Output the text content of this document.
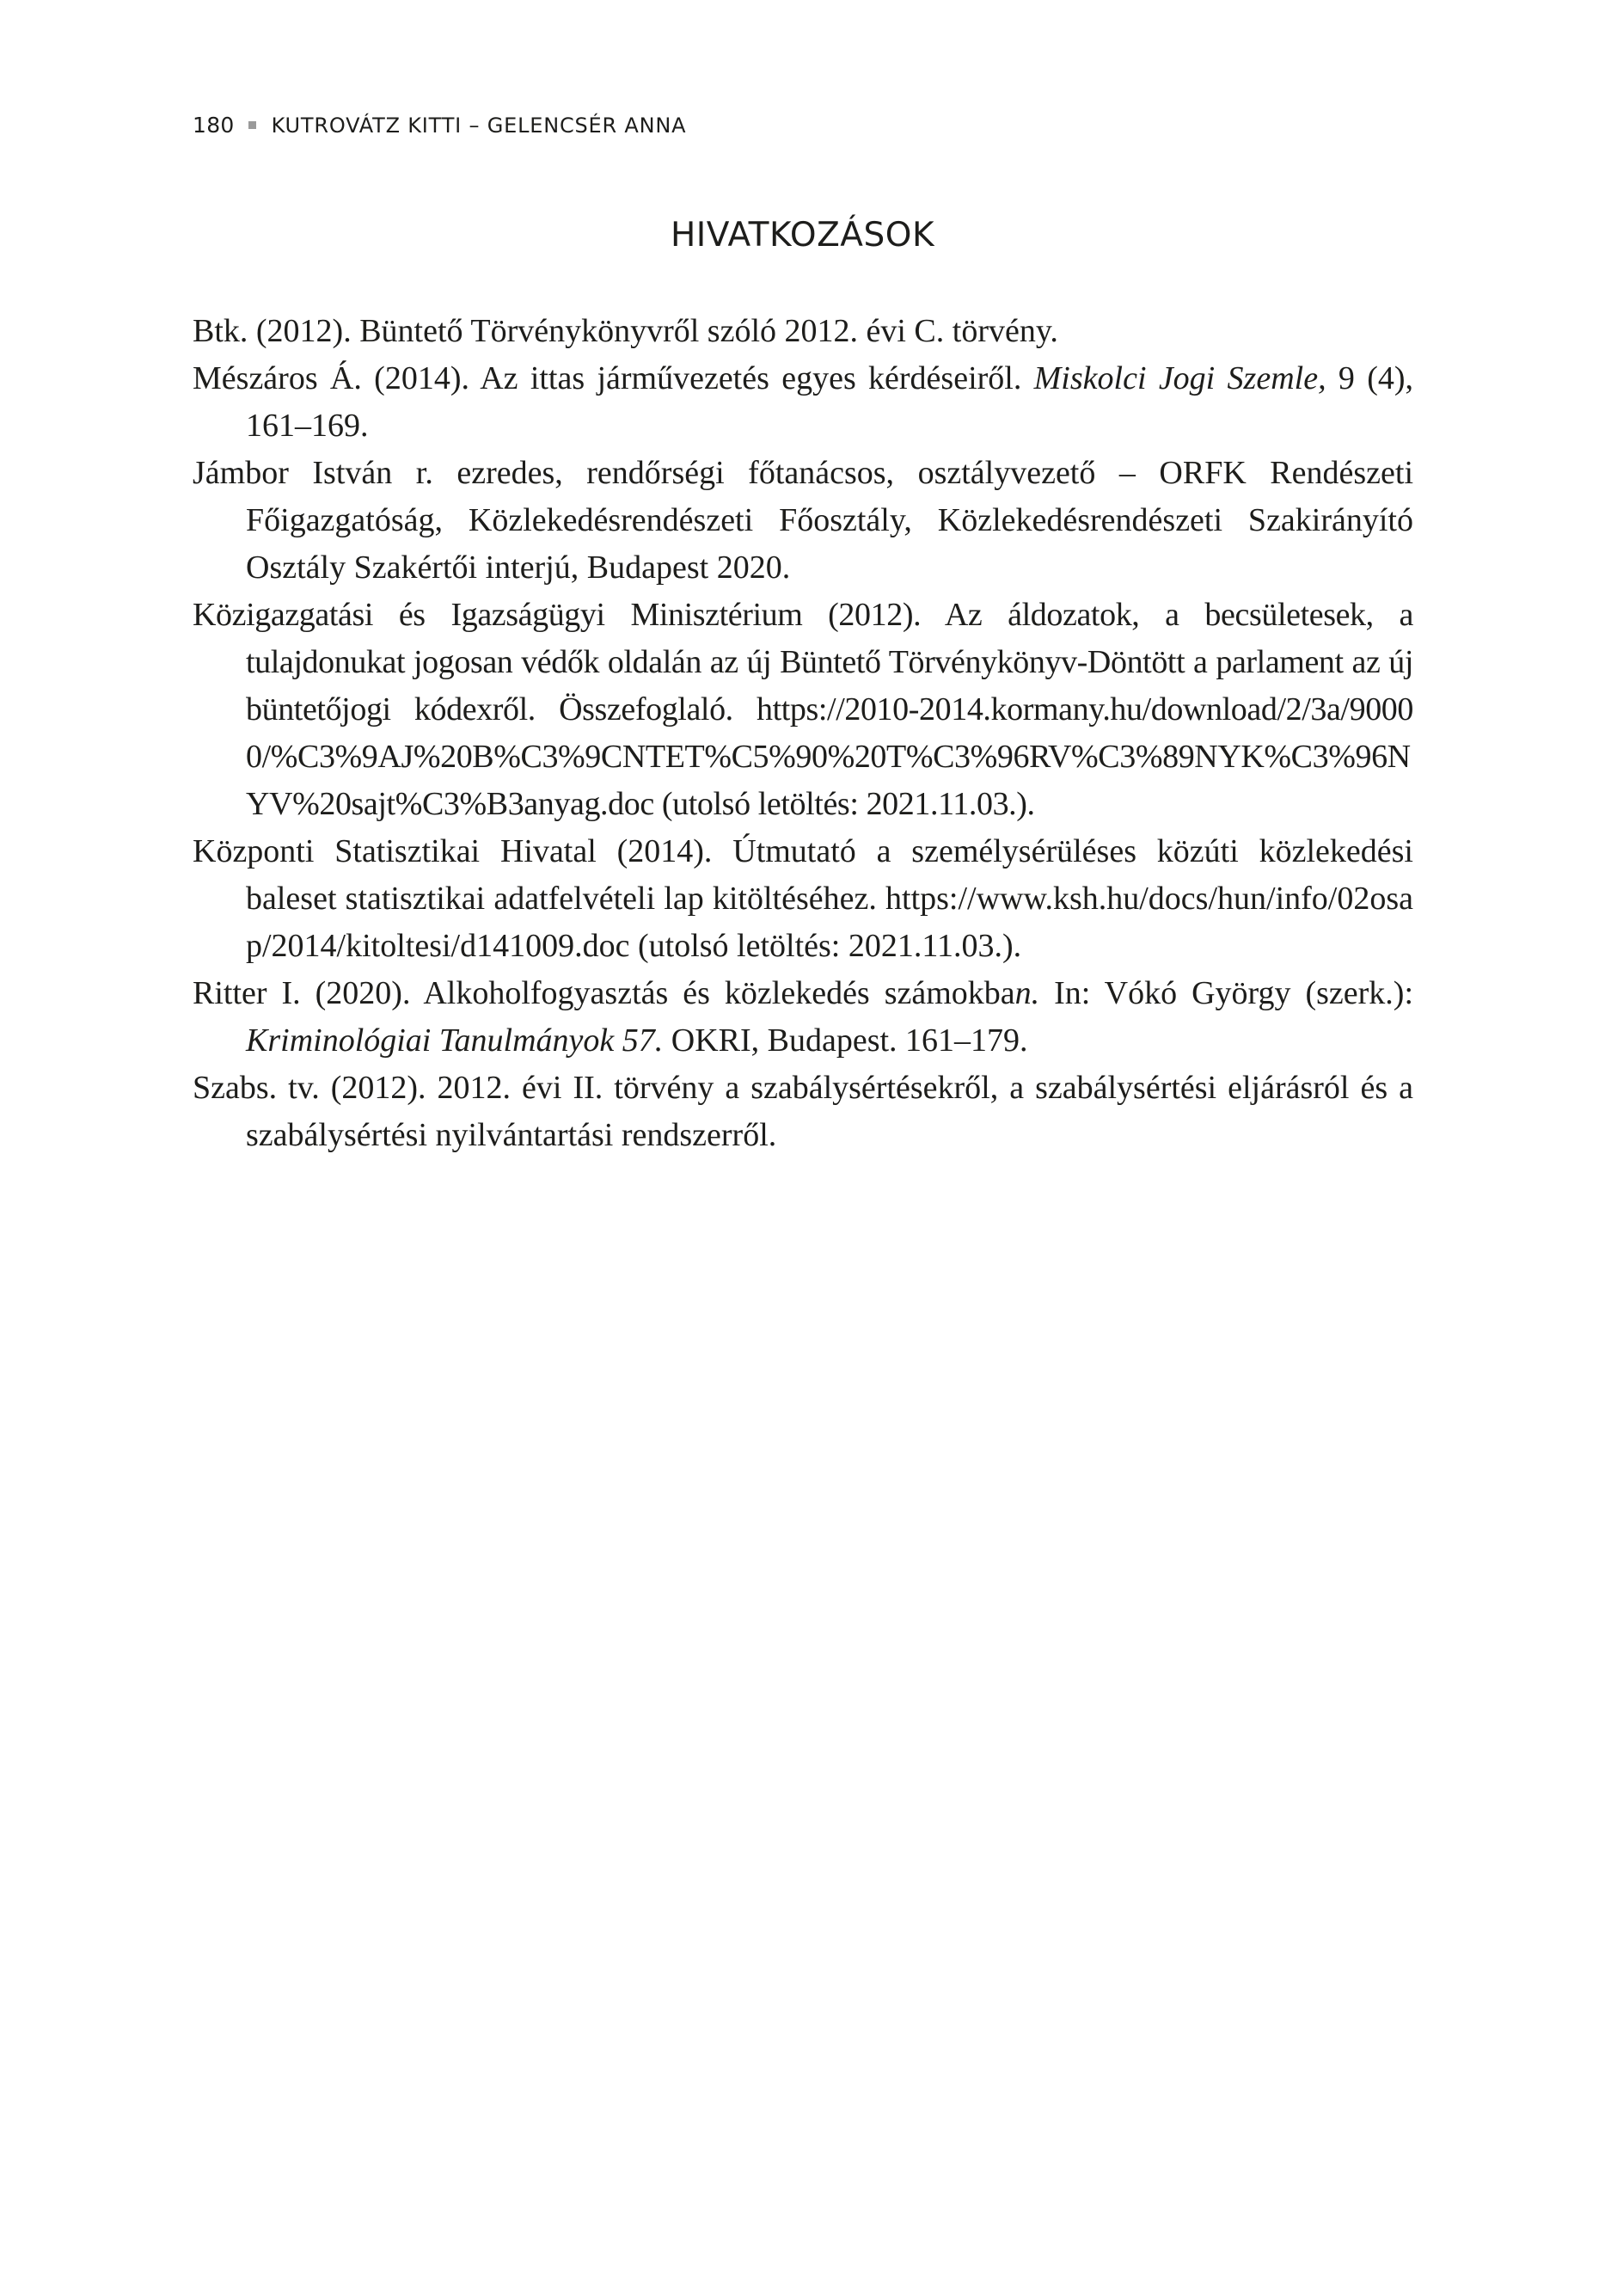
180 KUTROVÁTZ KITTI – GELENCSÉR ANNA
HIVATKOZÁSOK
Btk. (2012). Büntető Törvénykönyvről szóló 2012. évi C. törvény.
Mészáros Á. (2014). Az ittas járművezetés egyes kérdéseiről. Miskolci Jogi Szemle, 9 (4), 161–169.
Jámbor István r. ezredes, rendőrségi főtanácsos, osztályvezető – ORFK Rendészeti Főigazgatóság, Közlekedésrendészeti Főosztály, Közlekedésrendészeti Szakirányító Osztály Szakértői interjú, Budapest 2020.
Közigazgatási és Igazságügyi Minisztérium (2012). Az áldozatok, a becsületesek, a tulajdonukat jogosan védők oldalán az új Büntető Törvénykönyv-Döntött a parlament az új büntetőjogi kódexről. Összefoglaló. https://2010-2014.kormany.hu/download/2/3a/90000/%C3%9AJ%20B%C3%9CNTET%C5%90%20T%C3%96RV%C3%89NYK%C3%96NYV%20sajt%C3%B3anyag.doc (utolsó letöltés: 2021.11.03.).
Központi Statisztikai Hivatal (2014). Útmutató a személysérüléses közúti közlekedési baleset statisztikai adatfelvételi lap kitöltéséhez. https://www.ksh.hu/docs/hun/info/02osap/2014/kitoltesi/d141009.doc (utolsó letöltés: 2021.11.03.).
Ritter I. (2020). Alkoholfogyasztás és közlekedés számokban. In: Vókó György (szerk.): Kriminológiai Tanulmányok 57. OKRI, Budapest. 161–179.
Szabs. tv. (2012). 2012. évi II. törvény a szabálysértésekről, a szabálysértési eljárásról és a szabálysértési nyilvántartási rendszerről.
